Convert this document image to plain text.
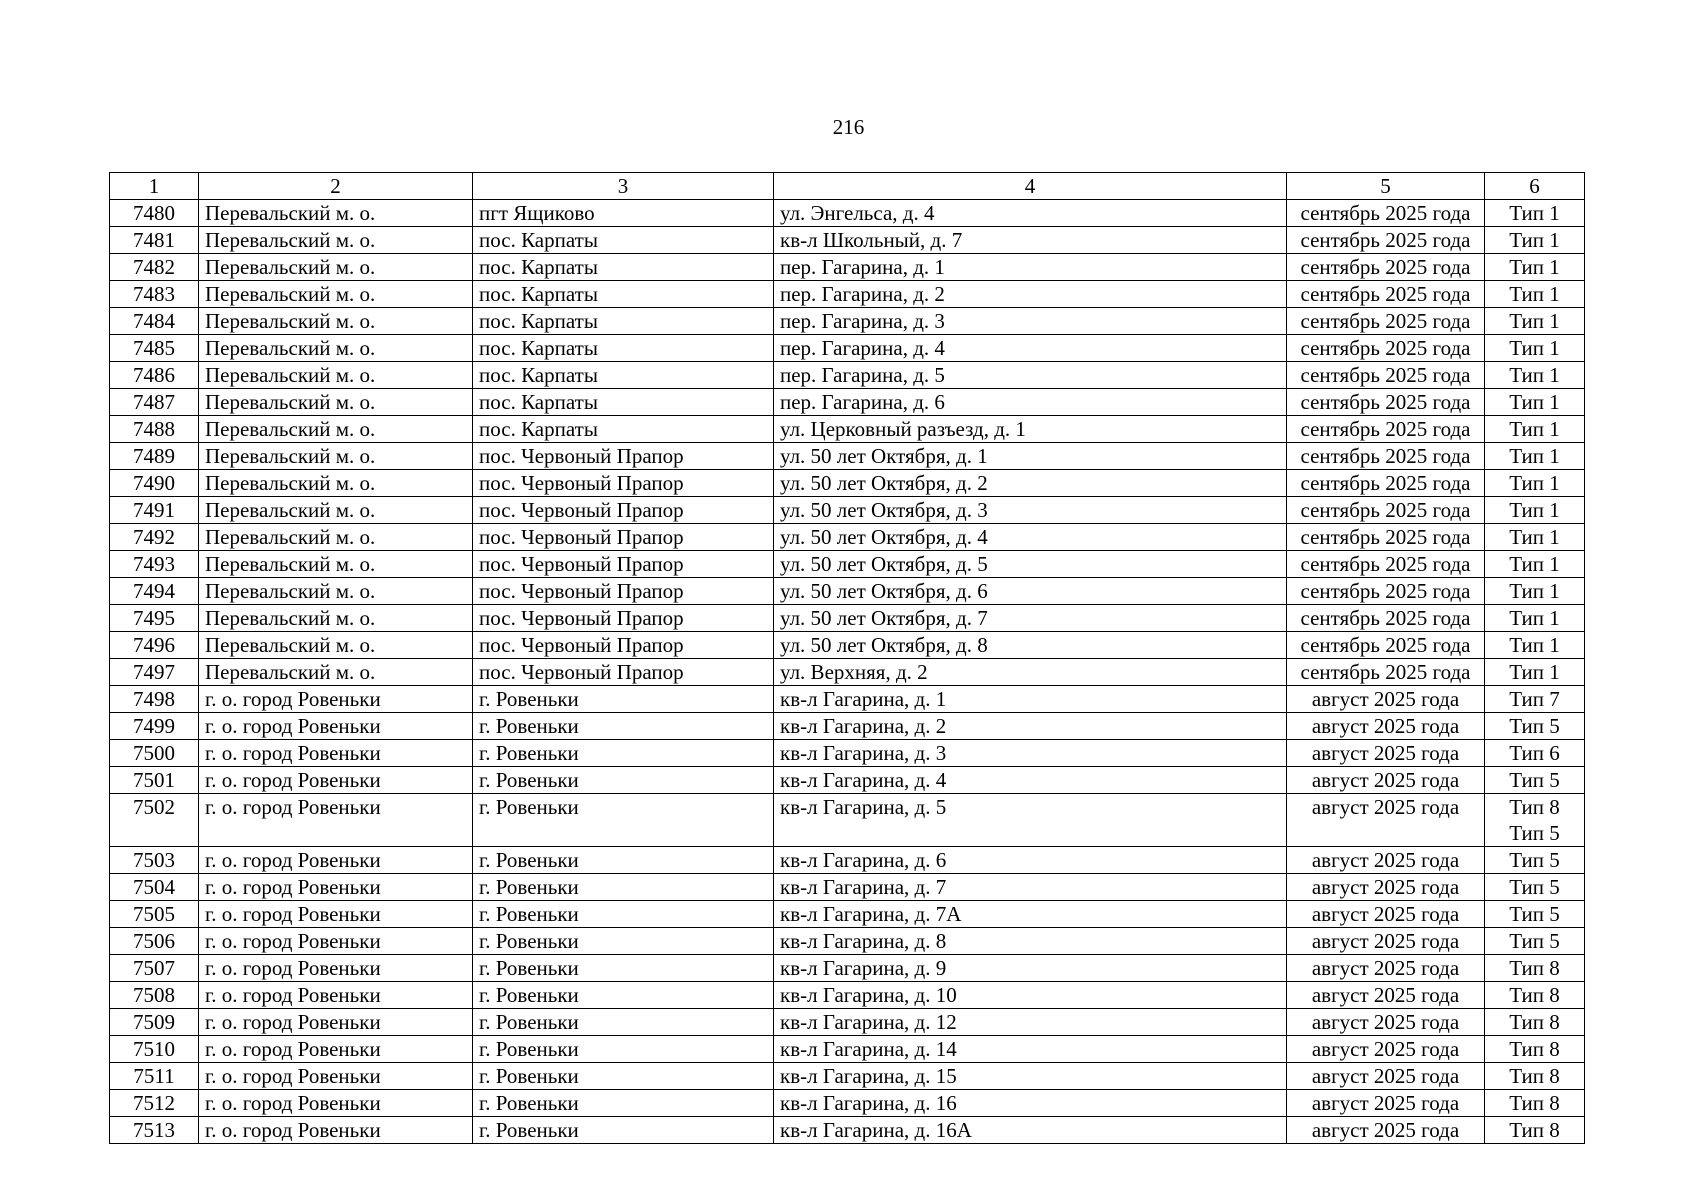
216
1	2	3	4	5	6
7480	Перевальский м. о.	пгт Ящиково	ул. Энгельса, д. 4	сентябрь 2025 года	Тип 1

7481	Перевальский м. о.	пос. Карпаты	кв-л Школьный, д. 7	сентябрь 2025 года	Тип 1

7482	Перевальский м. о.	пос. Карпаты	пер. Гагарина, д. 1	сентябрь 2025 года	Тип 1

7483	Перевальский м. о.	пос. Карпаты	пер. Гагарина, д. 2	сентябрь 2025 года	Тип 1

7484	Перевальский м. о.	пос. Карпаты	пер. Гагарина, д. 3	сентябрь 2025 года	Тип 1

7485	Перевальский м. о.	пос. Карпаты	пер. Гагарина, д. 4	сентябрь 2025 года	Тип 1

7486	Перевальский м. о.	пос. Карпаты	пер. Гагарина, д. 5	сентябрь 2025 года	Тип 1

7487	Перевальский м. о.	пос. Карпаты	пер. Гагарина, д. 6	сентябрь 2025 года	Тип 1

7488	Перевальский м. о.	пос. Карпаты	ул. Церковный разъезд, д. 1	сентябрь 2025 года	Тип 1

7489	Перевальский м. о.	пос. Червоный Прапор	ул. 50 лет Октября, д. 1	сентябрь 2025 года	Тип 1

7490	Перевальский м. о.	пос. Червоный Прапор	ул. 50 лет Октября, д. 2	сентябрь 2025 года	Тип 1

7491	Перевальский м. о.	пос. Червоный Прапор	ул. 50 лет Октября, д. 3	сентябрь 2025 года	Тип 1

7492	Перевальский м. о.	пос. Червоный Прапор	ул. 50 лет Октября, д. 4	сентябрь 2025 года	Тип 1

7493	Перевальский м. о.	пос. Червоный Прапор	ул. 50 лет Октября, д. 5	сентябрь 2025 года	Тип 1

7494	Перевальский м. о.	пос. Червоный Прапор	ул. 50 лет Октября, д. 6	сентябрь 2025 года	Тип 1

7495	Перевальский м. о.	пос. Червоный Прапор	ул. 50 лет Октября, д. 7	сентябрь 2025 года	Тип 1

7496	Перевальский м. о.	пос. Червоный Прапор	ул. 50 лет Октября, д. 8	сентябрь 2025 года	Тип 1

7497	Перевальский м. о.	пос. Червоный Прапор	ул. Верхняя, д. 2	сентябрь 2025 года	Тип 1

7498	г. о. город Ровеньки	г. Ровеньки	кв-л Гагарина, д. 1	август 2025 года	Тип 7

7499	г. о. город Ровеньки	г. Ровеньки	кв-л Гагарина, д. 2	август 2025 года	Тип 5

7500	г. о. город Ровеньки	г. Ровеньки	кв-л Гагарина, д. 3	август 2025 года	Тип 6

7501	г. о. город Ровеньки	г. Ровеньки	кв-л Гагарина, д. 4	август 2025 года	Тип 5

7502	г. о. город Ровеньки	г. Ровеньки	кв-л Гагарина, д. 5	август 2025 года	Тип 8
Тип 5

7503	г. о. город Ровеньки	г. Ровеньки	кв-л Гагарина, д. 6	август 2025 года	Тип 5

7504	г. о. город Ровеньки	г. Ровеньки	кв-л Гагарина, д. 7	август 2025 года	Тип 5

7505	г. о. город Ровеньки	г. Ровеньки	кв-л Гагарина, д. 7А	август 2025 года	Тип 5

7506	г. о. город Ровеньки	г. Ровеньки	кв-л Гагарина, д. 8	август 2025 года	Тип 5

7507	г. о. город Ровеньки	г. Ровеньки	кв-л Гагарина, д. 9	август 2025 года	Тип 8

7508	г. о. город Ровеньки	г. Ровеньки	кв-л Гагарина, д. 10	август 2025 года	Тип 8

7509	г. о. город Ровеньки	г. Ровеньки	кв-л Гагарина, д. 12	август 2025 года	Тип 8

7510	г. о. город Ровеньки	г. Ровеньки	кв-л Гагарина, д. 14	август 2025 года	Тип 8

7511	г. о. город Ровеньки	г. Ровеньки	кв-л Гагарина, д. 15	август 2025 года	Тип 8

7512	г. о. город Ровеньки	г. Ровеньки	кв-л Гагарина, д. 16	август 2025 года	Тип 8

7513	г. о. город Ровеньки	г. Ровеньки	кв-л Гагарина, д. 16А	август 2025 года	Тип 8
